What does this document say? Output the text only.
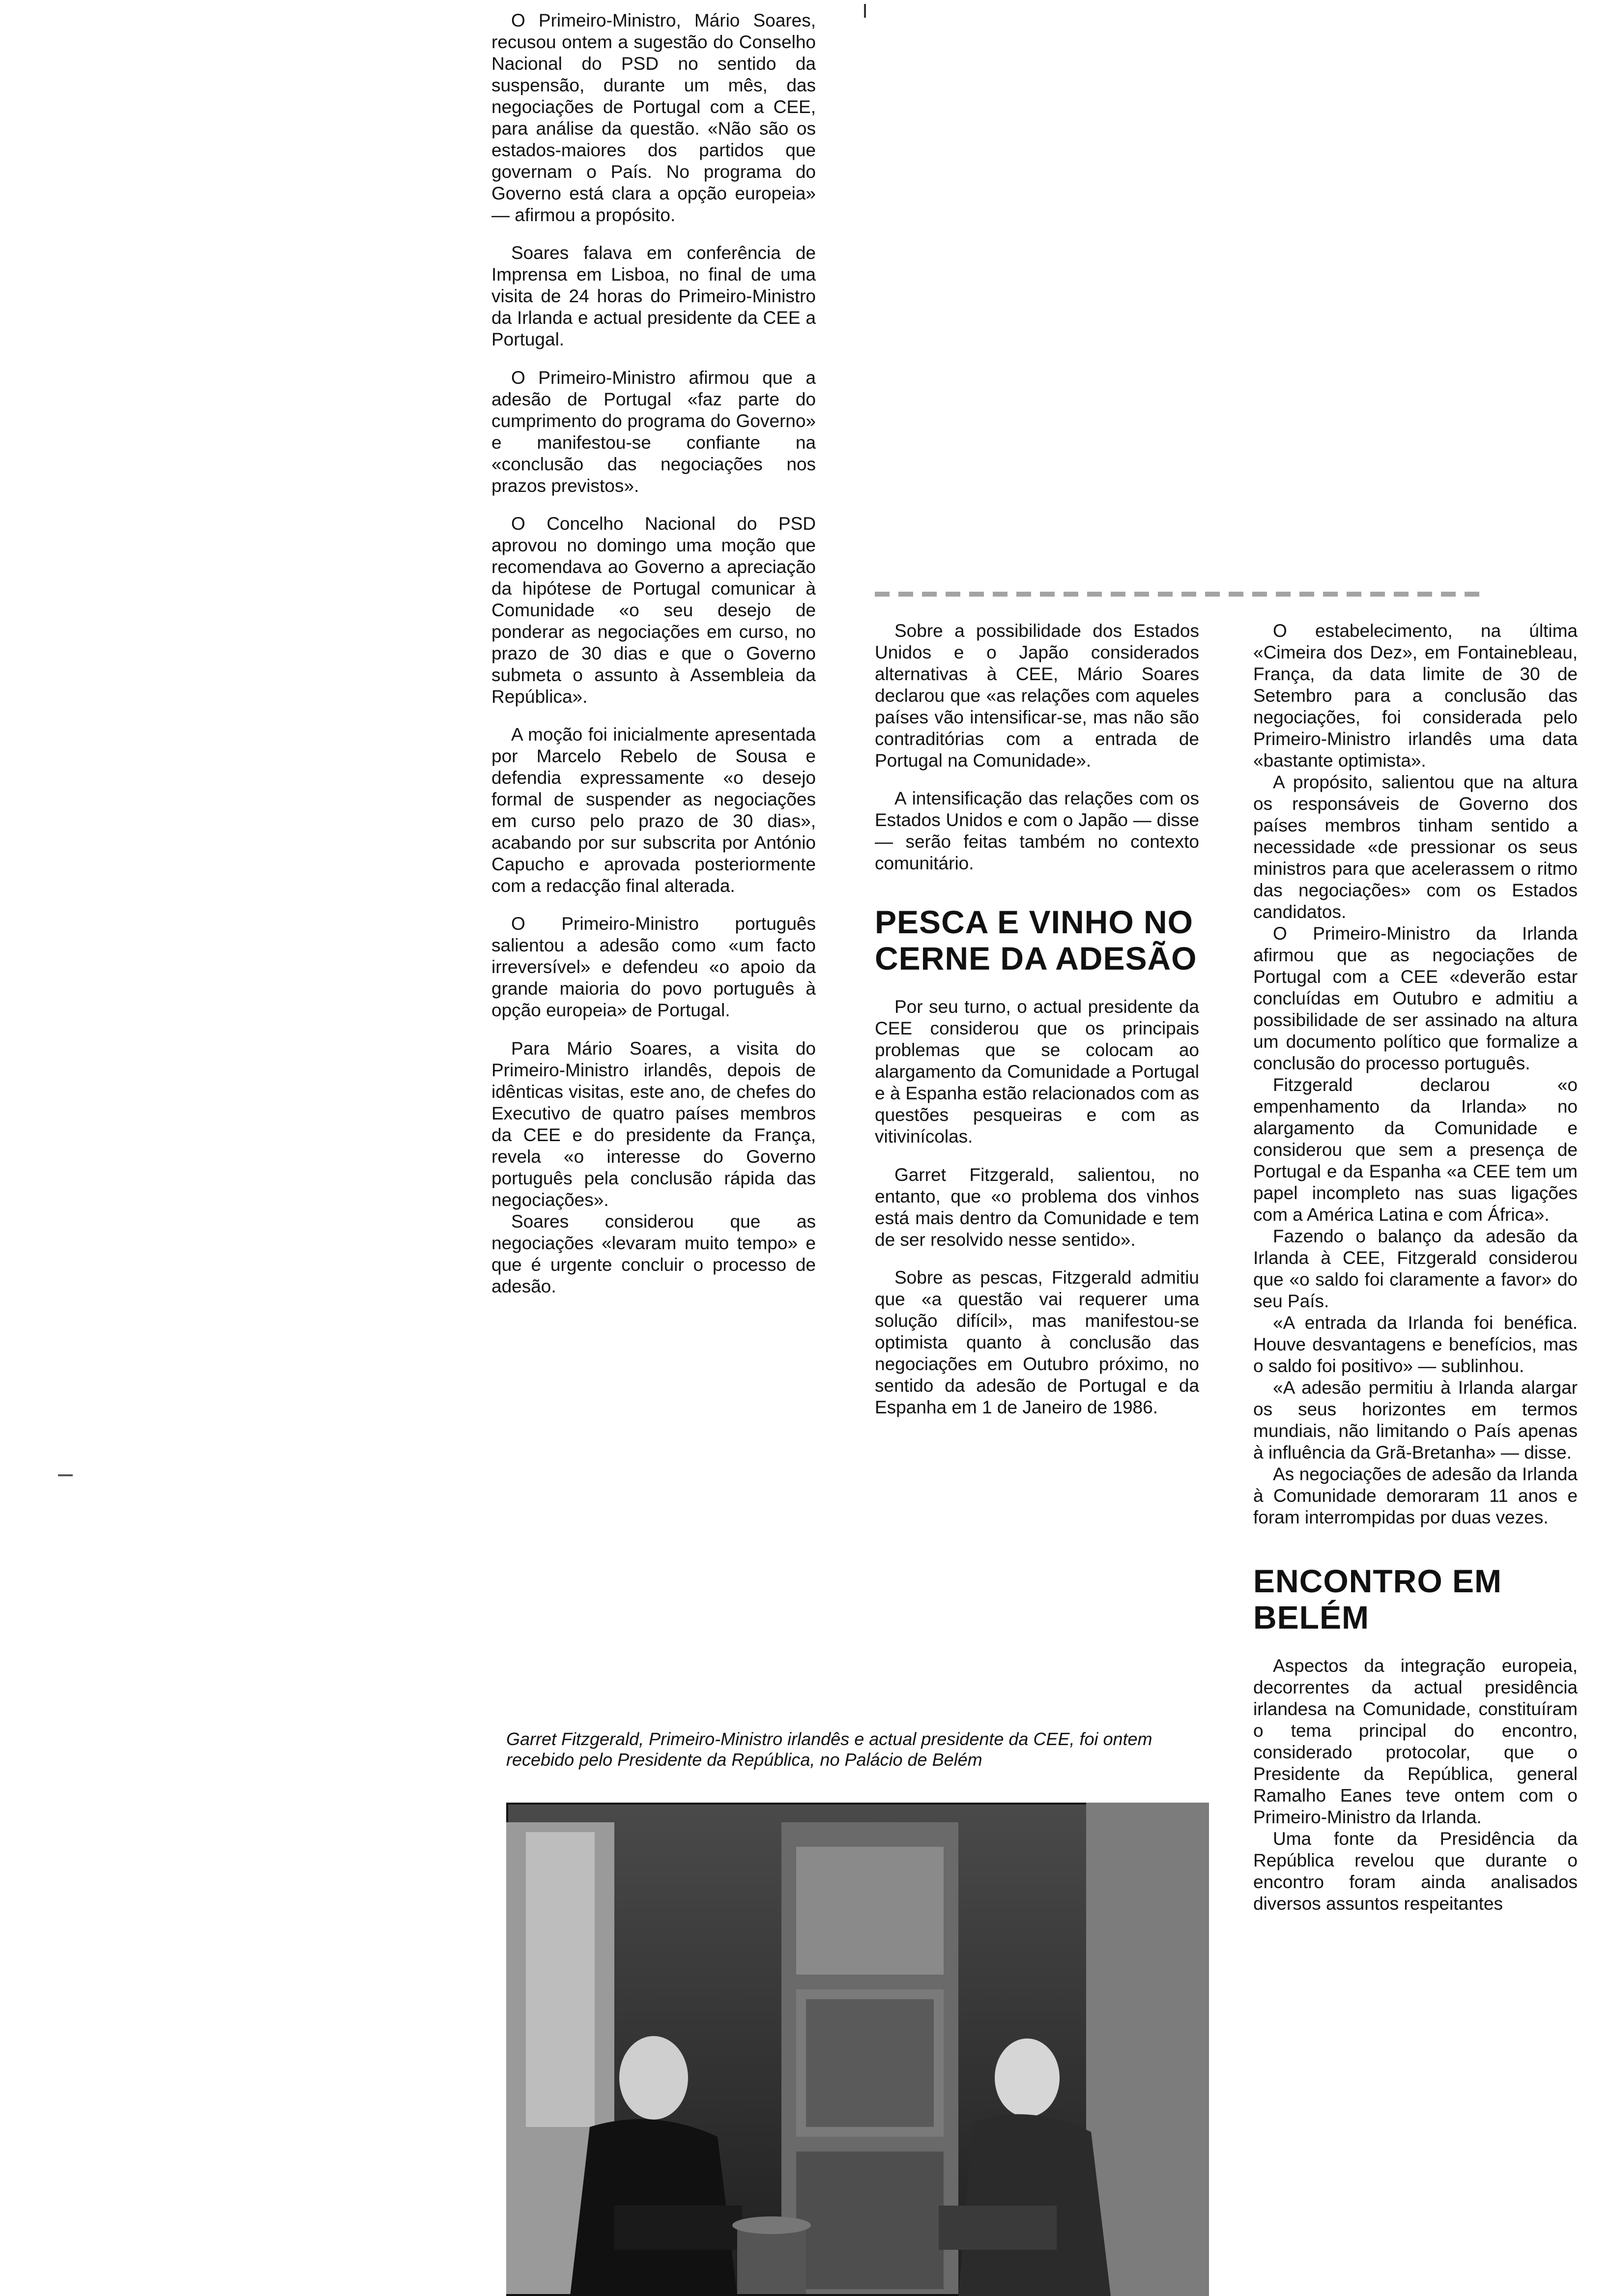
O Primeiro-Ministro, Mário Soares, recusou ontem a sugestão do Conselho Nacional do PSD no sentido da suspensão, durante um mês, das negociações de Portugal com a CEE, para análise da questão. «Não são os estados-maiores dos partidos que governam o País. No programa do Governo está clara a opção europeia» — afirmou a propósito.

Soares falava em conferência de Imprensa em Lisboa, no final de uma visita de 24 horas do Primeiro-Ministro da Irlanda e actual presidente da CEE a Portugal.

O Primeiro-Ministro afirmou que a adesão de Portugal «faz parte do cumprimento do programa do Governo» e manifestou-se confiante na «conclusão das negociações nos prazos previstos».

O Concelho Nacional do PSD aprovou no domingo uma moção que recomendava ao Governo a apreciação da hipótese de Portugal comunicar à Comunidade «o seu desejo de ponderar as negociações em curso, no prazo de 30 dias e que o Governo submeta o assunto à Assembleia da República».

A moção foi inicialmente apresentada por Marcelo Rebelo de Sousa e defendia expressamente «o desejo formal de suspender as negociações em curso pelo prazo de 30 dias», acabando por sur subscrita por António Capucho e aprovada posteriormente com a redacção final alterada.

O Primeiro-Ministro português salientou a adesão como «um facto irreversível» e defendeu «o apoio da grande maioria do povo português à opção europeia» de Portugal.

Para Mário Soares, a visita do Primeiro-Ministro irlandês, depois de idênticas visitas, este ano, de chefes do Executivo de quatro países membros da CEE e do presidente da França, revela «o interesse do Governo português pela conclusão rápida das negociações».

Soares considerou que as negociações «levaram muito tempo» e que é urgente concluir o processo de adesão.

Sobre a possibilidade dos Estados Unidos e o Japão considerados alternativas à CEE, Mário Soares declarou que «as relações com aqueles países vão intensificar-se, mas não são contraditórias com a entrada de Portugal na Comunidade».

A intensificação das relações com os Estados Unidos e com o Japão — disse — serão feitas também no contexto comunitário.

PESCA E VINHO NO CERNE DA ADESÃO

Por seu turno, o actual presidente da CEE considerou que os principais problemas que se colocam ao alargamento da Comunidade a Portugal e à Espanha estão relacionados com as questões pesqueiras e com as vitivinícolas.

Garret Fitzgerald, salientou, no entanto, que «o problema dos vinhos está mais dentro da Comunidade e tem de ser resolvido nesse sentido».

Sobre as pescas, Fitzgerald admitiu que «a questão vai requerer uma solução difícil», mas manifestou-se optimista quanto à conclusão das negociações em Outubro próximo, no sentido da adesão de Portugal e da Espanha em 1 de Janeiro de 1986.

O estabelecimento, na última «Cimeira dos Dez», em Fontainebleau, França, da data limite de 30 de Setembro para a conclusão das negociações, foi considerada pelo Primeiro-Ministro irlandês uma data «bastante optimista».

A propósito, salientou que na altura os responsáveis de Governo dos países membros tinham sentido a necessidade «de pressionar os seus ministros para que acelerassem o ritmo das negociações» com os Estados candidatos.

O Primeiro-Ministro da Irlanda afirmou que as negociações de Portugal com a CEE «deverão estar concluídas em Outubro e admitiu a possibilidade de ser assinado na altura um documento político que formalize a conclusão do processo português.

Fitzgerald declarou «o empenhamento da Irlanda» no alargamento da Comunidade e considerou que sem a presença de Portugal e da Espanha «a CEE tem um papel incompleto nas suas ligações com a América Latina e com África».

Fazendo o balanço da adesão da Irlanda à CEE, Fitzgerald considerou que «o saldo foi claramente a favor» do seu País.

«A entrada da Irlanda foi benéfica. Houve desvantagens e benefícios, mas o saldo foi positivo» — sublinhou.

«A adesão permitiu à Irlanda alargar os seus horizontes em termos mundiais, não limitando o País apenas à influência da Grã-Bretanha» — disse.

As negociações de adesão da Irlanda à Comunidade demoraram 11 anos e foram interrompidas por duas vezes.

ENCONTRO EM BELÉM

Aspectos da integração europeia, decorrentes da actual presidência irlandesa na Comunidade, constituíram o tema principal do encontro, considerado protocolar, que o Presidente da República, general Ramalho Eanes teve ontem com o Primeiro-Ministro da Irlanda.

Uma fonte da Presidência da República revelou que durante o encontro foram ainda analisados diversos assuntos respeitantes

Garret Fitzgerald, Primeiro-Ministro irlandês e actual presidente da CEE, foi ontem recebido pelo Presidente da República, no Palácio de Belém
